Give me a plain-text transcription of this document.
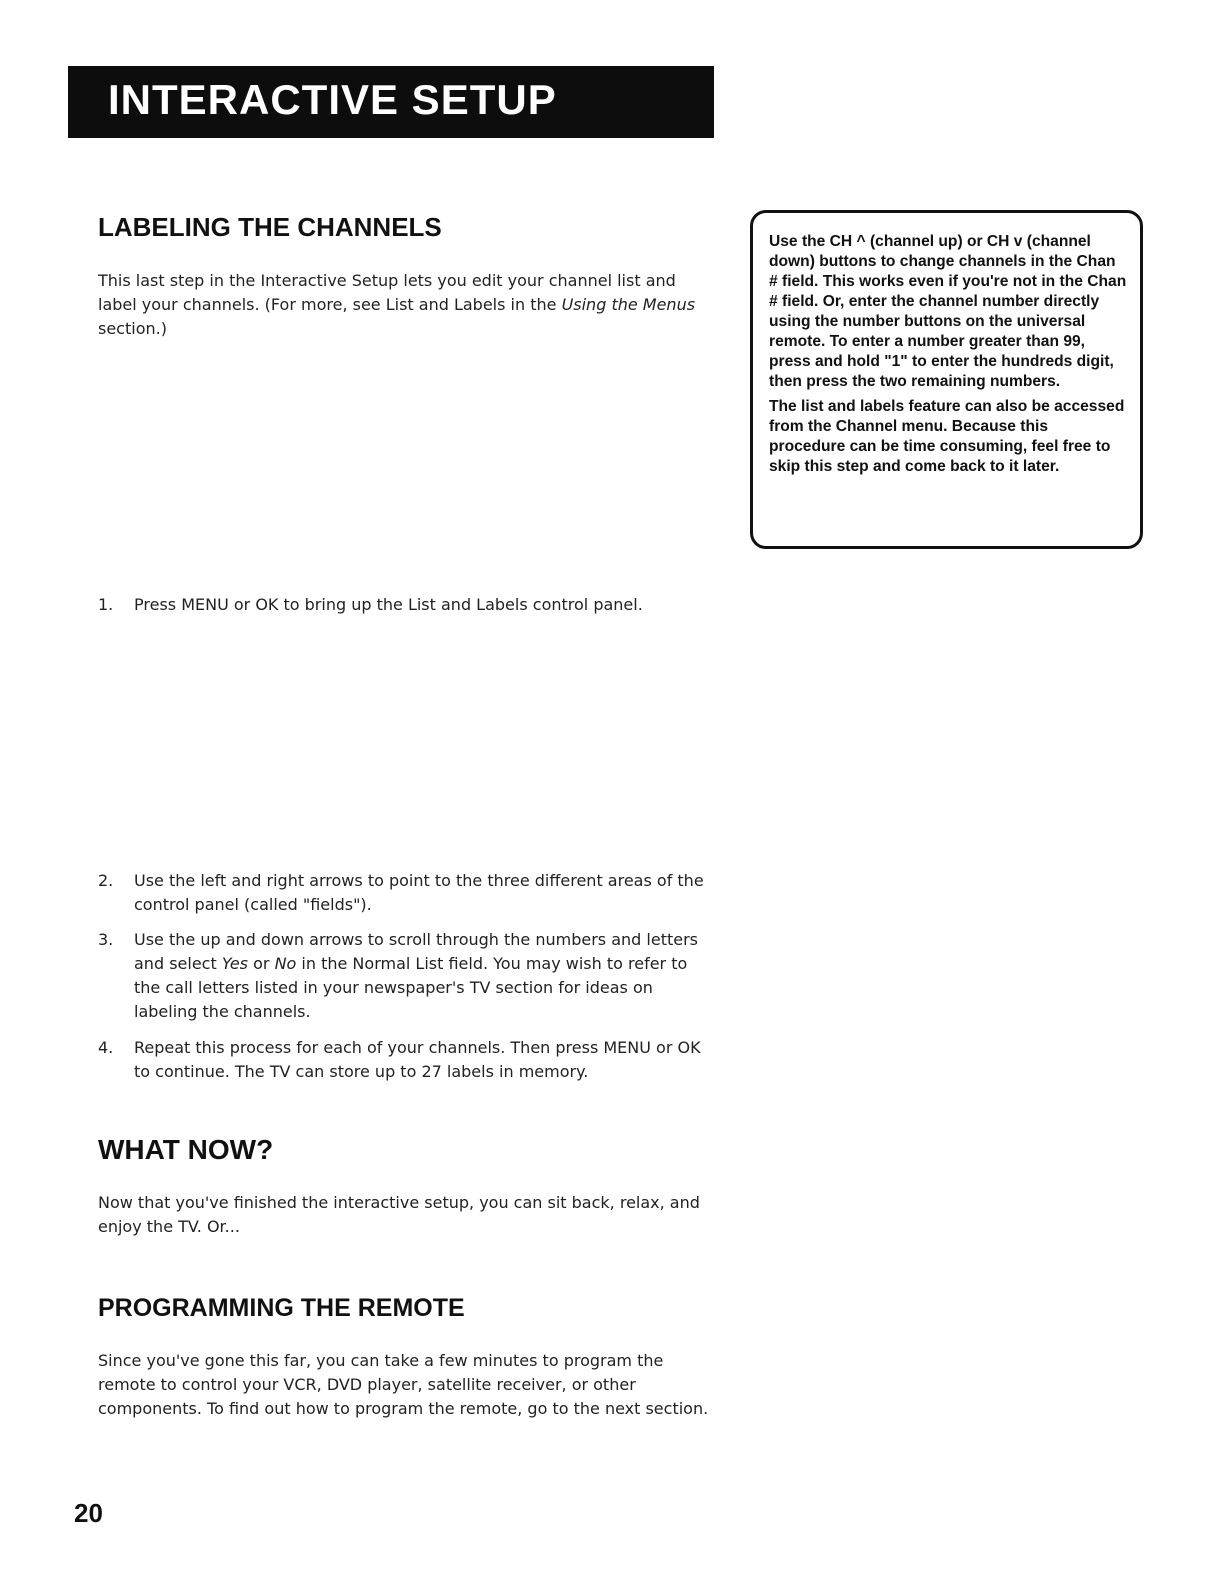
INTERACTIVE SETUP
LABELING THE CHANNELS

This last step in the Interactive Setup lets you edit your channel list and label your channels. (For more, see List and Labels in the Using the Menus section.)

Use the CH ^ (channel up) or CH v (channel down) buttons to change channels in the Chan # field. This works even if you're not in the Chan # field. Or, enter the channel number directly using the number buttons on the universal remote. To enter a number greater than 99, press and hold "1" to enter the hundreds digit, then press the two remaining numbers.

The list and labels feature can also be accessed from the Channel menu. Because this procedure can be time consuming, feel free to skip this step and come back to it later.

1. Press MENU or OK to bring up the List and Labels control panel.
2. Use the left and right arrows to point to the three different areas of the control panel (called "fields").
3. Use the up and down arrows to scroll through the numbers and letters and select Yes or No in the Normal List field. You may wish to refer to the call letters listed in your newspaper's TV section for ideas on labeling the channels.
4. Repeat this process for each of your channels. Then press MENU or OK to continue. The TV can store up to 27 labels in memory.
WHAT NOW?

Now that you've finished the interactive setup, you can sit back, relax, and enjoy the TV. Or...

PROGRAMMING THE REMOTE

Since you've gone this far, you can take a few minutes to program the remote to control your VCR, DVD player, satellite receiver, or other components. To find out how to program the remote, go to the next section.

20
